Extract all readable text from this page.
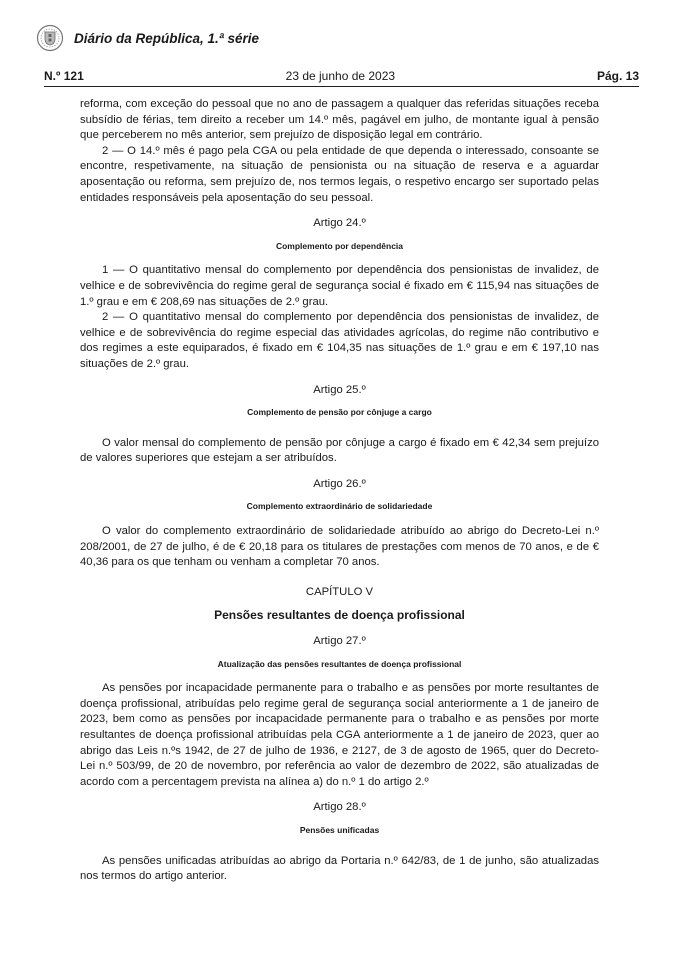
Diário da República, 1.ª série
N.º 121	23 de junho de 2023	Pág. 13

reforma, com exceção do pessoal que no ano de passagem a qualquer das referidas situações receba subsídio de férias, tem direito a receber um 14.º mês, pagável em julho, de montante igual à pensão que perceberem no mês anterior, sem prejuízo de disposição legal em contrário.

2 — O 14.º mês é pago pela CGA ou pela entidade de que dependa o interessado, consoante se encontre, respetivamente, na situação de pensionista ou na situação de reserva e a aguardar aposentação ou reforma, sem prejuízo de, nos termos legais, o respetivo encargo ser suportado pelas entidades responsáveis pela aposentação do seu pessoal.

Artigo 24.º
Complemento por dependência

1 — O quantitativo mensal do complemento por dependência dos pensionistas de invalidez, de velhice e de sobrevivência do regime geral de segurança social é fixado em € 115,94 nas situações de 1.º grau e em € 208,69 nas situações de 2.º grau.

2 — O quantitativo mensal do complemento por dependência dos pensionistas de invalidez, de velhice e de sobrevivência do regime especial das atividades agrícolas, do regime não contributivo e dos regimes a este equiparados, é fixado em € 104,35 nas situações de 1.º grau e em € 197,10 nas situações de 2.º grau.

Artigo 25.º
Complemento de pensão por cônjuge a cargo

O valor mensal do complemento de pensão por cônjuge a cargo é fixado em € 42,34 sem prejuízo de valores superiores que estejam a ser atribuídos.

Artigo 26.º
Complemento extraordinário de solidariedade

O valor do complemento extraordinário de solidariedade atribuído ao abrigo do Decreto-Lei n.º 208/2001, de 27 de julho, é de € 20,18 para os titulares de prestações com menos de 70 anos, e de € 40,36 para os que tenham ou venham a completar 70 anos.

CAPÍTULO V
Pensões resultantes de doença profissional
Artigo 27.º
Atualização das pensões resultantes de doença profissional

As pensões por incapacidade permanente para o trabalho e as pensões por morte resultantes de doença profissional, atribuídas pelo regime geral de segurança social anteriormente a 1 de janeiro de 2023, bem como as pensões por incapacidade permanente para o trabalho e as pensões por morte resultantes de doença profissional atribuídas pela CGA anteriormente a 1 de janeiro de 2023, quer ao abrigo das Leis n.ºs 1942, de 27 de julho de 1936, e 2127, de 3 de agosto de 1965, quer do Decreto-Lei n.º 503/99, de 20 de novembro, por referência ao valor de dezembro de 2022, são atualizadas de acordo com a percentagem prevista na alínea a) do n.º 1 do artigo 2.º

Artigo 28.º
Pensões unificadas

As pensões unificadas atribuídas ao abrigo da Portaria n.º 642/83, de 1 de junho, são atualizadas nos termos do artigo anterior.
